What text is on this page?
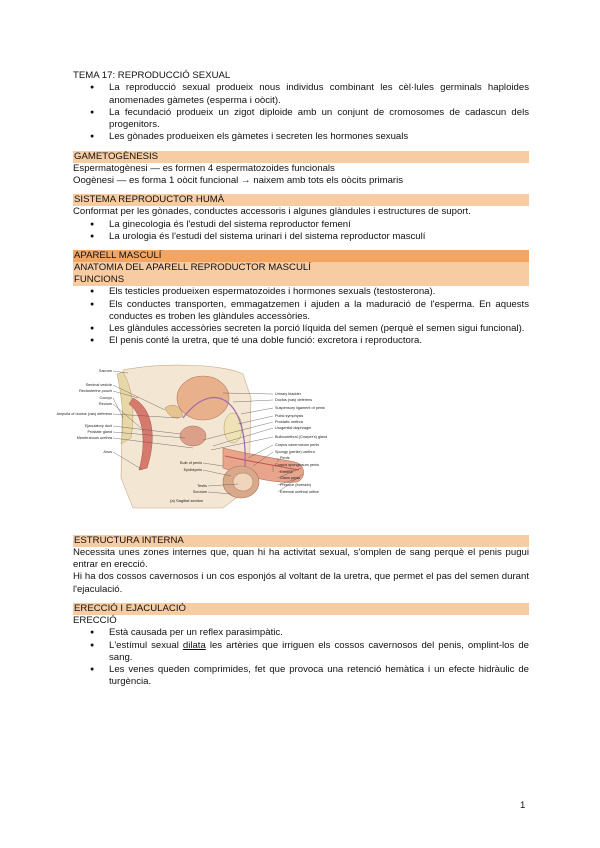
TEMA 17: REPRODUCCIÓ SEXUAL

● La reproducció sexual produeix nous individus combinant les cèl·lules germinals haploides anomenades gàmetes (esperma i oòcit).
● La fecundació produeix un zigot diploide amb un conjunt de cromosomes de cadascun dels progenitors.
● Les gònades produeixen els gàmetes i secreten les hormones sexuals
GAMETOGÈNESIS

Espermatogènesi — es formen 4 espermatozoides funcionals

Oogènesi — es forma 1 oòcit funcional → naixem amb tots els oòcits primaris

SISTEMA REPRODUCTOR HUMÀ

Conformat per les gònades, conductes accessoris i algunes glàndules i estructures de suport.

● La ginecologia és l'estudi del sistema reproductor femení
● La urologia és l'estudi del sistema urinari i del sistema reproductor masculí
APARELL MASCULÍ
ANATOMIA DEL APARELL REPRODUCTOR MASCULÍ
FUNCIONS
● Els testicles produeixen espermatozoides i hormones sexuals (testosterona).
● Els conductes transporten, emmagatzemen i ajuden a la maduració de l'esperma. En aquests conductes es troben les glàndules accessòries.
● Les glàndules accessòries secreten la porció líquida del semen (perquè el semen sigui funcional).
● El penis conté la uretra, que té una doble funció: excretora i reproductora.
Sacrum
Seminal vesicle
Rectouterine pouch
Coccyx
Rectum
Ampulla of ductus (vas) deferens
Ejaculatory duct
Prostate gland
Membranous urethra
Anus
Urinary bladder
Ductus (vas) deferens
Suspensory ligament of penis
Pubic symphysis
Prostatic urethra
Urogenital diaphragm
Bulbourethral (Cowper's) gland
Corpus cavernosum penis
Spongy (penile) urethra
Penis
Corpus spongiosum penis
Corona
Glans penis
Prepuce (foreskin)
External urethral orifice
Bulb of penis
Epididymis
Testis
Scrotum
(a) Sagittal section
ESTRUCTURA INTERNA

Necessita unes zones internes que, quan hi ha activitat sexual, s'omplen de sang perquè el penis pugui entrar en erecció.

Hi ha dos cossos cavernosos i un cos esponjós al voltant de la uretra, que permet el pas del semen durant l'ejaculació.

ERECCIÓ I EJACULACIÓ

ERECCIÓ

● Està causada per un reflex parasimpàtic.
● L'estímul sexual dilata les artèries que irriguen els cossos cavernosos del penis, omplint-los de sang.
● Les venes queden comprimides, fet que provoca una retenció hemàtica i un efecte hidràulic de turgència.
1
